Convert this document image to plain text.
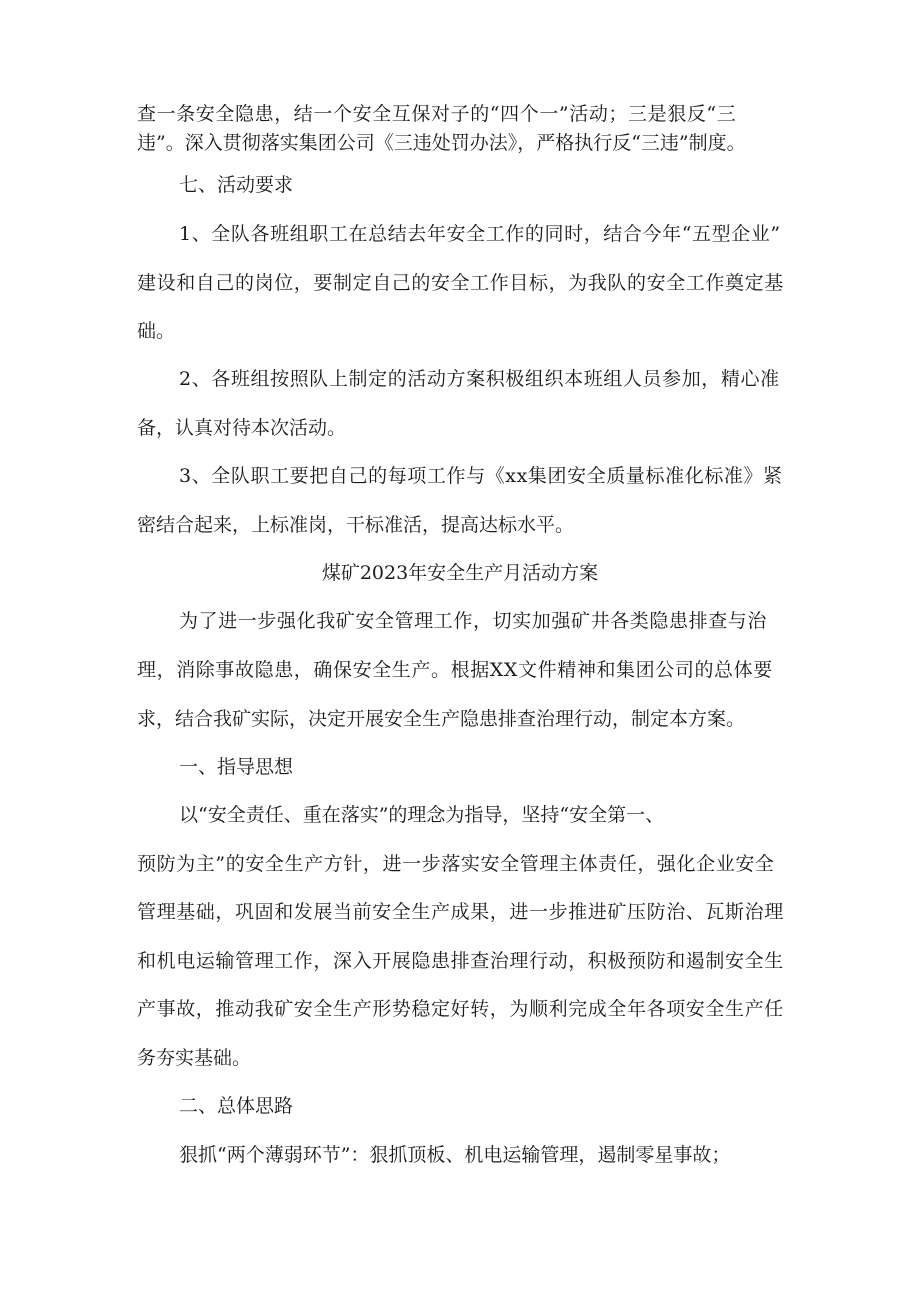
查一条安全隐患，结一个安全互保对子的“四个一”活动；三是狠反“三
违”。深入贯彻落实集团公司《三违处罚办法》，严格执行反“三违”制度。
七、活动要求
1、全队各班组职工在总结去年安全工作的同时，结合今年“五型企业”
建设和自己的岗位，要制定自己的安全工作目标，为我队的安全工作奠定基
础。
2、各班组按照队上制定的活动方案积极组织本班组人员参加，精心准
备，认真对待本次活动。
3、全队职工要把自己的每项工作与《xx集团安全质量标准化标准》紧
密结合起来，上标准岗，干标准活，提高达标水平。
煤矿2023年安全生产月活动方案
为了进一步强化我矿安全管理工作，切实加强矿井各类隐患排查与治
理，消除事故隐患，确保安全生产。根据XX文件精神和集团公司的总体要
求，结合我矿实际，决定开展安全生产隐患排查治理行动，制定本方案。
一、指导思想
以“安全责任、重在落实”的理念为指导，坚持“安全第一、
预防为主”的安全生产方针，进一步落实安全管理主体责任，强化企业安全
管理基础，巩固和发展当前安全生产成果，进一步推进矿压防治、瓦斯治理
和机电运输管理工作，深入开展隐患排查治理行动，积极预防和遏制安全生
产事故，推动我矿安全生产形势稳定好转，为顺利完成全年各项安全生产任
务夯实基础。
二、总体思路
狠抓“两个薄弱环节”：狠抓顶板、机电运输管理，遏制零星事故；
